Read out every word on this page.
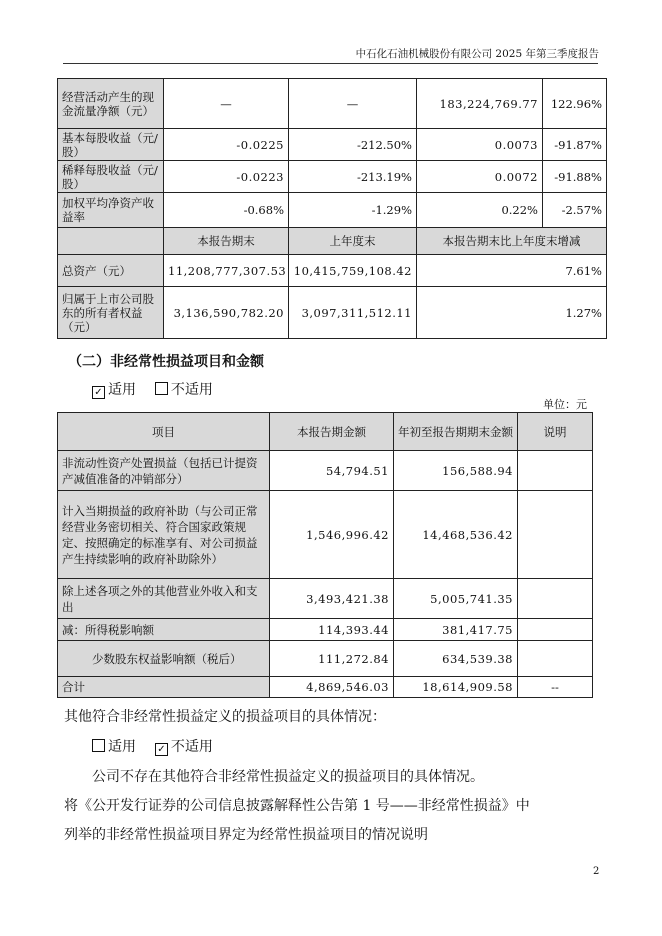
中石化石油机械股份有限公司 2025 年第三季度报告
经营活动产生的现金流量净额（元）	—	—	183,224,769.77	122.96%
基本每股收益（元/股）	-0.0225	-212.50%	0.0073	-91.87%
稀释每股收益（元/股）	-0.0223	-213.19%	0.0072	-91.88%
加权平均净资产收益率	-0.68%	-1.29%	0.22%	-2.57%
	本报告期末	上年度末	本报告期末比上年度末增减	
总资产（元）	11,208,777,307.53	10,415,759,108.42	7.61%	
归属于上市公司股东的所有者权益（元）	3,136,590,782.20	3,097,311,512.11	1.27%	
（二）非经常性损益项目和金额
✓ 适用 不适用
单位：元
项目	本报告期金额	年初至报告期期末金额	说明
非流动性资产处置损益（包括已计提资产减值准备的冲销部分）	54,794.51	156,588.94	
计入当期损益的政府补助（与公司正常经营业务密切相关、符合国家政策规定、按照确定的标准享有、对公司损益产生持续影响的政府补助除外）	1,546,996.42	14,468,536.42	
除上述各项之外的其他营业外收入和支出	3,493,421.38	5,005,741.35	
减：所得税影响额	114,393.44	381,417.75	
少数股东权益影响额（税后）	111,272.84	634,539.38	
合计	4,869,546.03	18,614,909.58	--
其他符合非经常性损益定义的损益项目的具体情况：
适用 ✓ 不适用
公司不存在其他符合非经常性损益定义的损益项目的具体情况。
将《公开发行证券的公司信息披露解释性公告第 1 号——非经常性损益》中
列举的非经常性损益项目界定为经常性损益项目的情况说明
2
